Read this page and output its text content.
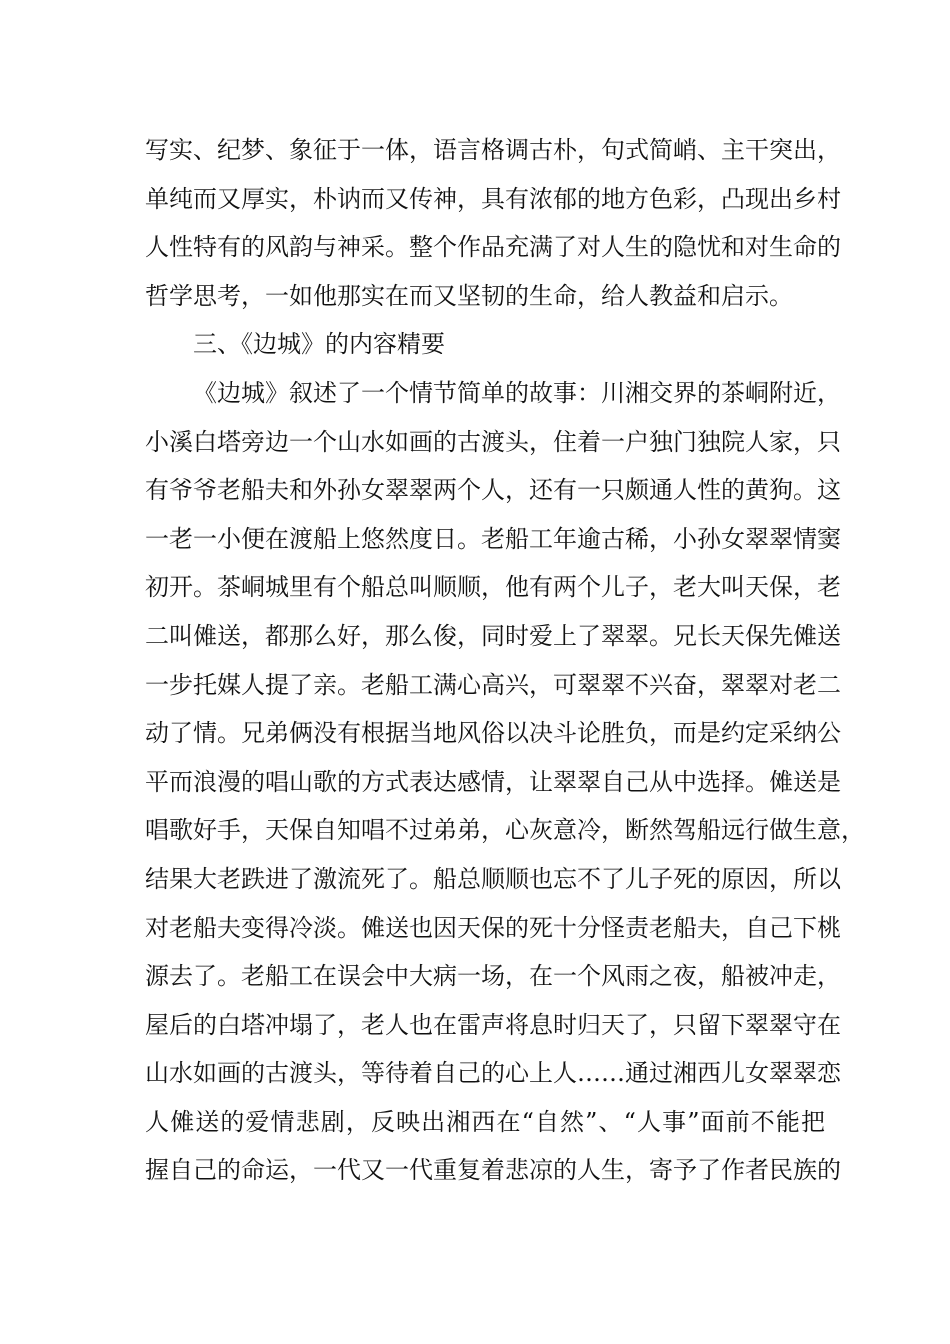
写实、纪梦、象征于一体，语言格调古朴，句式简峭、主干突出，
单纯而又厚实，朴讷而又传神，具有浓郁的地方色彩，凸现出乡村
人性特有的风韵与神采。整个作品充满了对人生的隐忧和对生命的
哲学思考，一如他那实在而又坚韧的生命，给人教益和启示。
三、《边城》的内容精要
《边城》叙述了一个情节简单的故事：川湘交界的茶峒附近，
小溪白塔旁边一个山水如画的古渡头，住着一户独门独院人家，只
有爷爷老船夫和外孙女翠翠两个人，还有一只颇通人性的黄狗。这
一老一小便在渡船上悠然度日。老船工年逾古稀，小孙女翠翠情窦
初开。茶峒城里有个船总叫顺顺，他有两个儿子，老大叫天保，老
二叫傩送，都那么好，那么俊，同时爱上了翠翠。兄长天保先傩送
一步托媒人提了亲。老船工满心高兴，可翠翠不兴奋，翠翠对老二
动了情。兄弟俩没有根据当地风俗以决斗论胜负，而是约定采纳公
平而浪漫的唱山歌的方式表达感情，让翠翠自己从中选择。傩送是
唱歌好手，天保自知唱不过弟弟，心灰意冷，断然驾船远行做生意，
结果大老跌进了激流死了。船总顺顺也忘不了儿子死的原因，所以
对老船夫变得冷淡。傩送也因天保的死十分怪责老船夫，自己下桃
源去了。老船工在误会中大病一场，在一个风雨之夜，船被冲走，
屋后的白塔冲塌了，老人也在雷声将息时归天了，只留下翠翠守在
山水如画的古渡头，等待着自己的心上人……通过湘西儿女翠翠恋
人傩送的爱情悲剧，反映出湘西在“自然”、“人事”面前不能把
握自己的命运，一代又一代重复着悲凉的人生，寄予了作者民族的
